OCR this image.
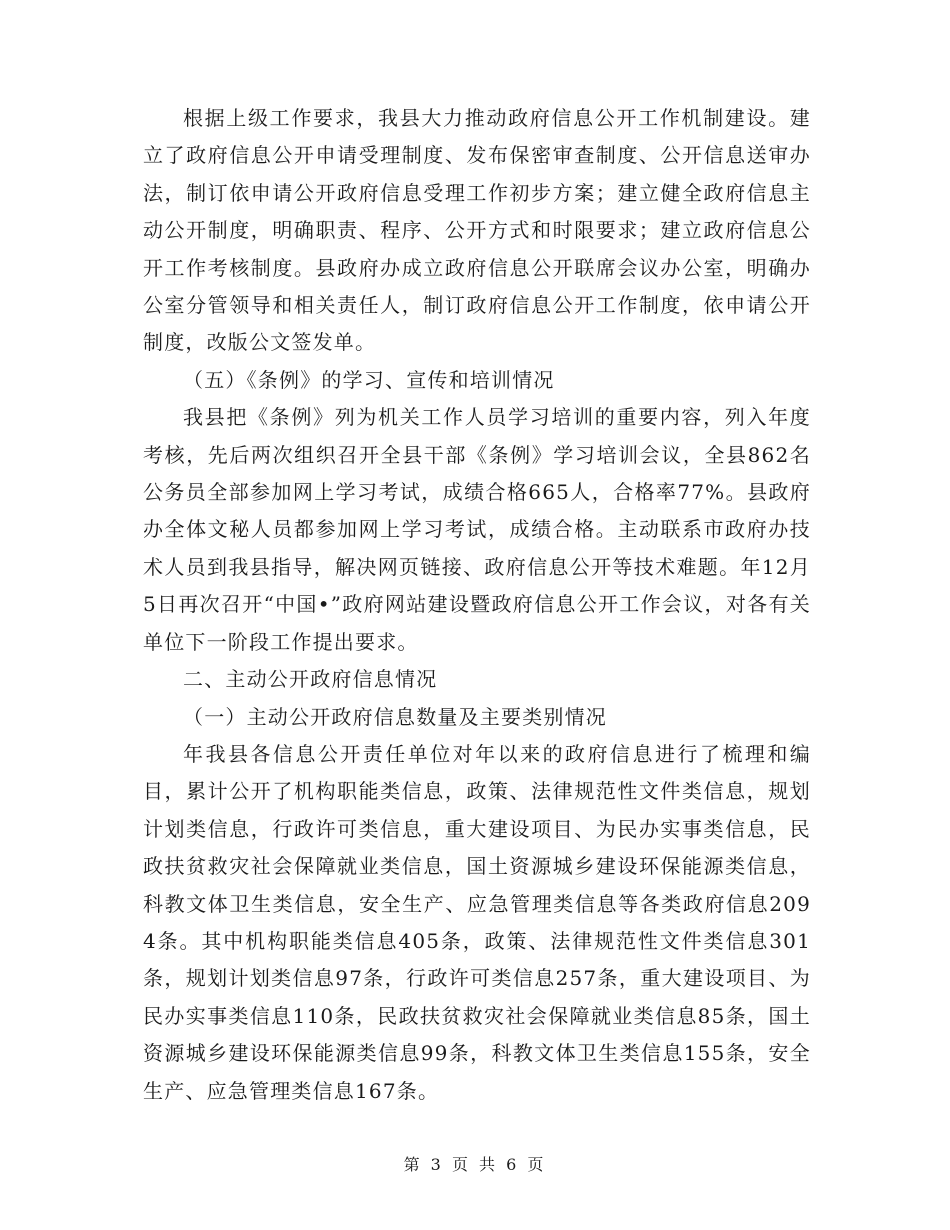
根据上级工作要求，我县大力推动政府信息公开工作机制建设。建立了政府信息公开申请受理制度、发布保密审查制度、公开信息送审办法，制订依申请公开政府信息受理工作初步方案；建立健全政府信息主动公开制度，明确职责、程序、公开方式和时限要求；建立政府信息公开工作考核制度。县政府办成立政府信息公开联席会议办公室，明确办公室分管领导和相关责任人，制订政府信息公开工作制度，依申请公开制度，改版公文签发单。

（五）《条例》的学习、宣传和培训情况

我县把《条例》列为机关工作人员学习培训的重要内容，列入年度考核，先后两次组织召开全县干部《条例》学习培训会议，全县862名公务员全部参加网上学习考试，成绩合格665人，合格率77%。县政府办全体文秘人员都参加网上学习考试，成绩合格。主动联系市政府办技术人员到我县指导，解决网页链接、政府信息公开等技术难题。年12月5日再次召开“中国•”政府网站建设暨政府信息公开工作会议，对各有关单位下一阶段工作提出要求。

二、主动公开政府信息情况

（一）主动公开政府信息数量及主要类别情况

年我县各信息公开责任单位对年以来的政府信息进行了梳理和编目，累计公开了机构职能类信息，政策、法律规范性文件类信息，规划计划类信息，行政许可类信息，重大建设项目、为民办实事类信息，民政扶贫救灾社会保障就业类信息，国土资源城乡建设环保能源类信息，科教文体卫生类信息，安全生产、应急管理类信息等各类政府信息2094条。其中机构职能类信息405条，政策、法律规范性文件类信息301条，规划计划类信息97条，行政许可类信息257条，重大建设项目、为民办实事类信息110条，民政扶贫救灾社会保障就业类信息85条，国土资源城乡建设环保能源类信息99条，科教文体卫生类信息155条，安全生产、应急管理类信息167条。

第 3 页 共 6 页
